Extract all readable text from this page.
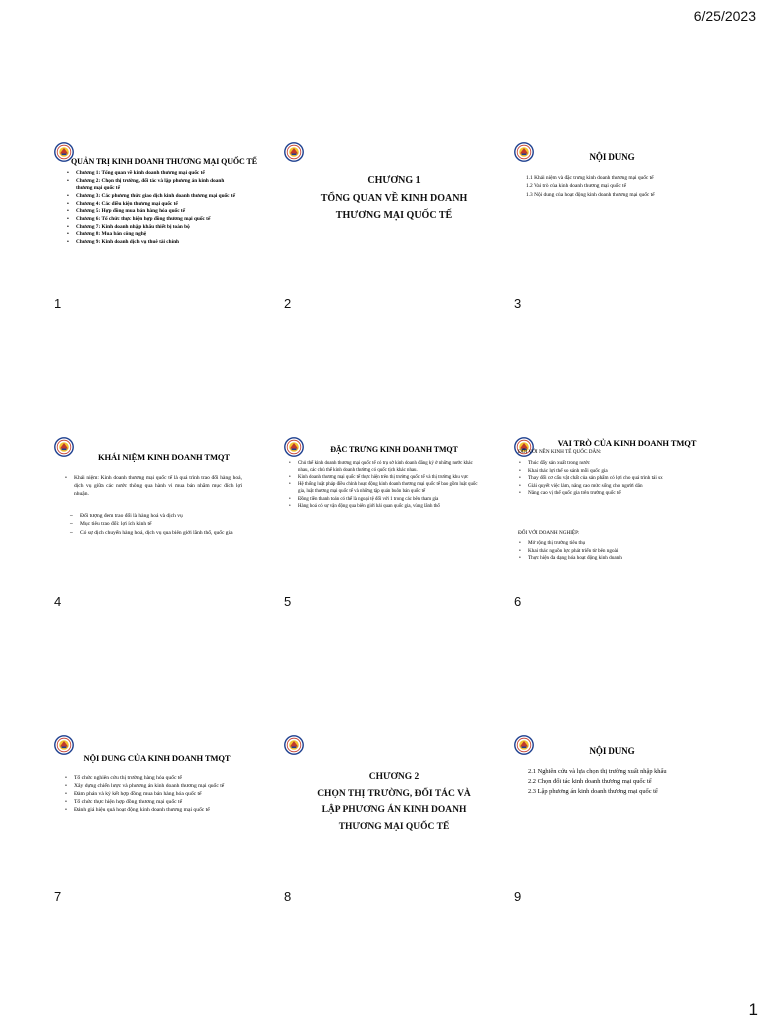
6/25/2023
QUẢN TRỊ KINH DOANH THƯƠNG MẠI QUỐC TẾ
• Chương 1: Tổng quan về kinh doanh thương mại quốc tế
• Chương 2: Chọn thị trường, đối tác và lập phương án kinh doanh thương mại quốc tế
• Chương 3: Các phương thức giao dịch kinh doanh thương mại quốc tế
• Chương 4: Các điều kiện thương mại quốc tế
• Chương 5: Hợp đồng mua bán hàng hóa quốc tế
• Chương 6: Tổ chức thực hiện hợp đồng thương mại quốc tế
• Chương 7: Kinh doanh nhập khẩu thiết bị toàn bộ
• Chương 8: Mua bán công nghệ
• Chương 9: Kinh doanh dịch vụ thuê tài chính
1
CHƯƠNG 1
TỔNG QUAN VỀ KINH DOANH
THƯƠNG MẠI QUỐC TẾ
2
NỘI DUNG
1.1 Khái niệm và đặc trưng kinh doanh thương mại quốc tế
1.2 Vai trò của kinh doanh thương mại quốc tế
1.3 Nội dung của hoạt động kinh doanh thương mại quốc tế
3
KHÁI NIỆM KINH DOANH TMQT
• Khái niệm: Kinh doanh thương mại quốc tế là quá trình trao đổi hàng hoá, dịch vụ giữa các nước thông qua hành vi mua bán nhằm mục đích lợi nhuận.
– Đối tượng đem trao đổi là hàng hoá và dịch vụ
– Mục tiêu trao đổi: lợi ích kinh tế
– Có sự dịch chuyển hàng hoá, dịch vụ qua biên giới lãnh thổ, quốc gia
4
ĐẶC TRƯNG KINH DOANH TMQT
• Chủ thể kinh doanh thương mại quốc tế có trụ sở kinh doanh đăng ký ở những nước khác nhau, các chủ thể kinh doanh thường có quốc tịch khác nhau.
• Kinh doanh thương mại quốc tế thực hiện trên thị trường quốc tế và thị trường khu vực
• Hệ thống luật pháp điều chỉnh hoạt động kinh doanh thương mại quốc tế bao gồm luật quốc gia, luật thương mại quốc tế và những tập quán buôn bán quốc tế
• Đồng tiền thanh toán có thể là ngoại tệ đối với 1 trong các bên tham gia
• Hàng hoá có sự vận động qua biên giới hải quan quốc gia, vùng lãnh thổ
5
VAI TRÒ CỦA KINH DOANH TMQT
ĐỐI VỚI NỀN KINH TẾ QUỐC DÂN:
• Thúc đẩy sản xuất trong nước
• Khai thác lợi thế so sánh mỗi quốc gia
• Thay đổi cơ cấu vật chất của sản phẩm có lợi cho quá trình tái sx
• Giải quyết việc làm, nâng cao mức sống cho người dân
• Nâng cao vị thế quốc gia trên trường quốc tế
ĐỐI VỚI DOANH NGHIỆP:
• Mở rộng thị trường tiêu thụ
• Khai thác nguồn lực phát triển từ bên ngoài
• Thực hiện đa dạng hóa hoạt động kinh doanh
6
NỘI DUNG CỦA KINH DOANH TMQT
• Tổ chức nghiên cứu thị trường hàng hóa quốc tế
• Xây dựng chiến lược và phương án kinh doanh thương mại quốc tế
• Đàm phán và ký kết hợp đồng mua bán hàng hóa quốc tế
• Tổ chức thực hiện hợp đồng thương mại quốc tế
• Đánh giá hiệu quả hoạt động kinh doanh thương mại quốc tế
7
CHƯƠNG 2
CHỌN THỊ TRƯỜNG, ĐỐI TÁC VÀ
LẬP PHƯƠNG ÁN KINH DOANH
THƯƠNG MẠI QUỐC TẾ
8
NỘI DUNG
2.1 Nghiên cứu và lựa chọn thị trường xuất nhập khẩu
2.2 Chọn đối tác kinh doanh thương mại quốc tế
2.3 Lập phương án kinh doanh thương mại quốc tế
9
1
